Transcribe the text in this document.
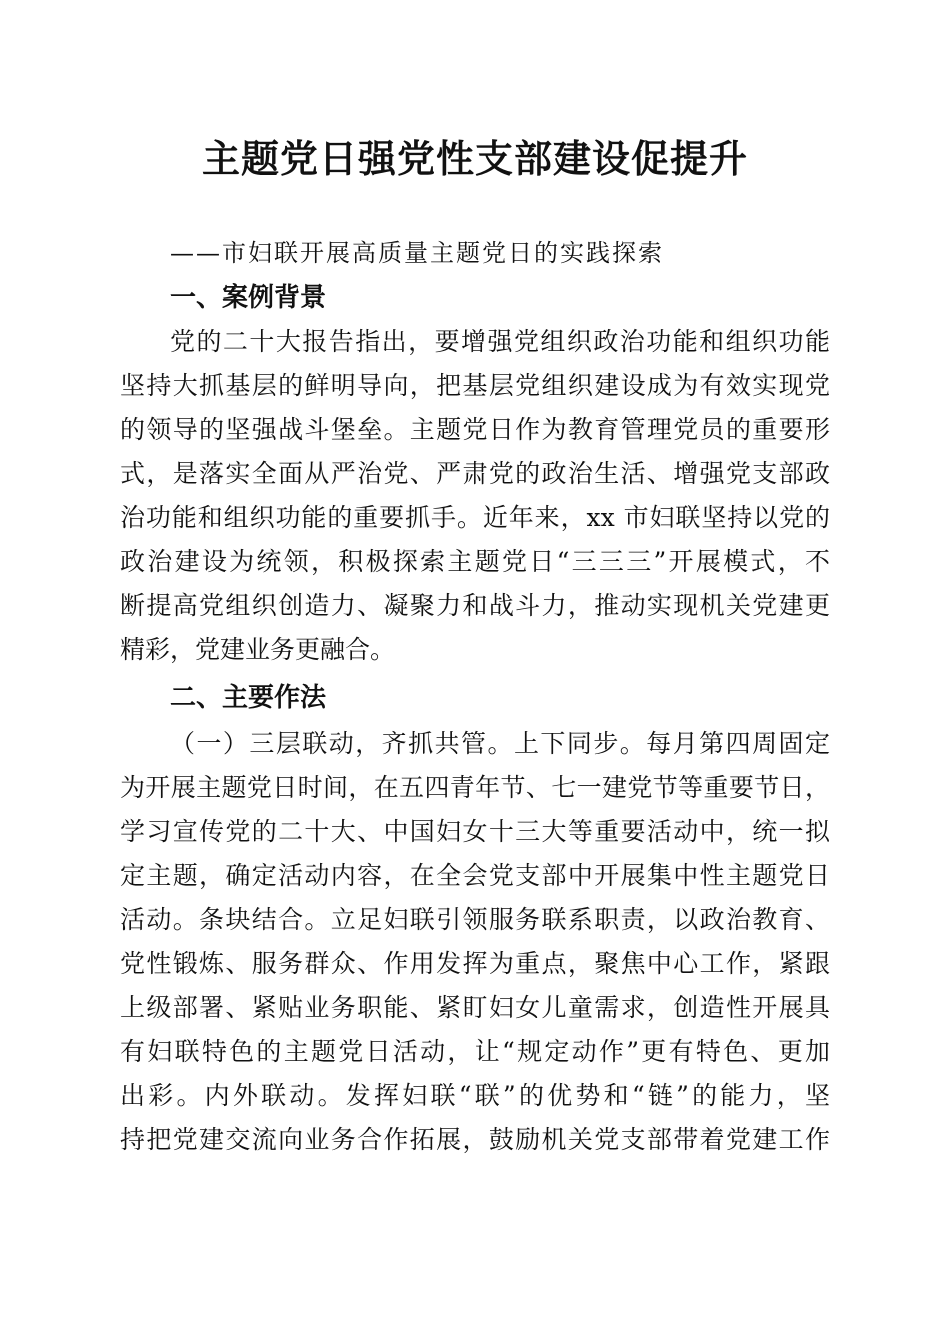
主题党日强党性支部建设促提升
——市妇联开展高质量主题党日的实践探索
一、案例背景
党的二十大报告指出，要增强党组织政治功能和组织功能
坚持大抓基层的鲜明导向，把基层党组织建设成为有效实现党
的领导的坚强战斗堡垒。主题党日作为教育管理党员的重要形
式，是落实全面从严治党、严肃党的政治生活、增强党支部政
治功能和组织功能的重要抓手。近年来，xx 市妇联坚持以党的
政治建设为统领，积极探索主题党日“三三三”开展模式，不
断提高党组织创造力、凝聚力和战斗力，推动实现机关党建更
精彩，党建业务更融合。
二、主要作法
（一）三层联动，齐抓共管。上下同步。每月第四周固定
为开展主题党日时间，在五四青年节、七一建党节等重要节日，
学习宣传党的二十大、中国妇女十三大等重要活动中，统一拟
定主题，确定活动内容，在全会党支部中开展集中性主题党日
活动。条块结合。立足妇联引领服务联系职责，以政治教育、
党性锻炼、服务群众、作用发挥为重点，聚焦中心工作，紧跟
上级部署、紧贴业务职能、紧盯妇女儿童需求，创造性开展具
有妇联特色的主题党日活动，让“规定动作”更有特色、更加
出彩。内外联动。发挥妇联“联”的优势和“链”的能力，坚
持把党建交流向业务合作拓展，鼓励机关党支部带着党建工作
